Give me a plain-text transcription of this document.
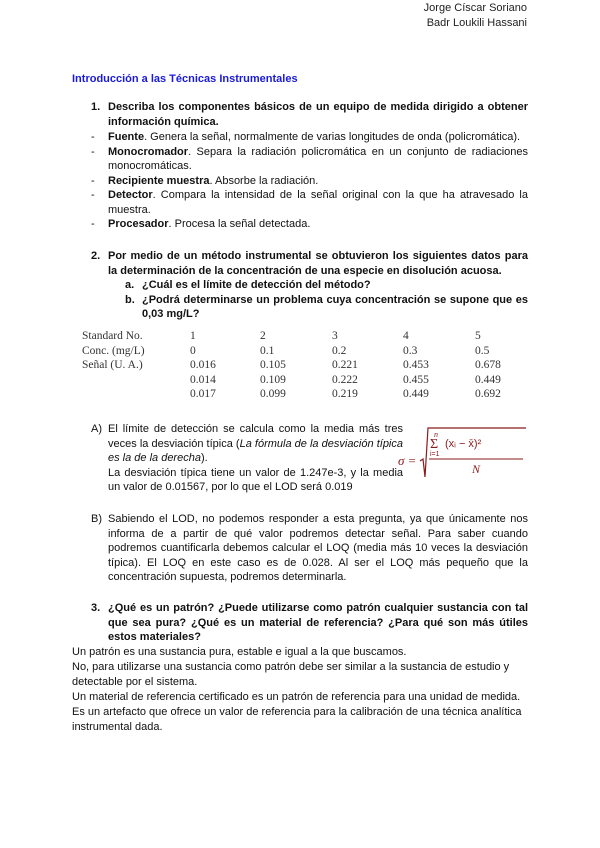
Jorge Císcar Soriano
Badr Loukili Hassani
Introducción a las Técnicas Instrumentales
1. Describa los componentes básicos de un equipo de medida dirigido a obtener información química.
- Fuente. Genera la señal, normalmente de varias longitudes de onda (policromática).
- Monocromador. Separa la radiación policromática en un conjunto de radiaciones monocromáticas.
- Recipiente muestra. Absorbe la radiación.
- Detector. Compara la intensidad de la señal original con la que ha atravesado la muestra.
- Procesador. Procesa la señal detectada.
2. Por medio de un método instrumental se obtuvieron los siguientes datos para la determinación de la concentración de una especie en disolución acuosa.
a. ¿Cuál es el límite de detección del método?
b. ¿Podrá determinarse un problema cuya concentración se supone que es 0,03 mg/L?
Standard No.	1	2	3	4	5
Conc. (mg/L)	0	0.1	0.2	0.3	0.5
Señal (U. A.)	0.016	0.105	0.221	0.453	0.678
	0.014	0.109	0.222	0.455	0.449
	0.017	0.099	0.219	0.449	0.692
A) El límite de detección se calcula como la media más tres veces la desviación típica (La fórmula de la desviación típica es la de la derecha).
La desviación típica tiene un valor de 1.247e-3, y la media un valor de 0.01567, por lo que el LOD será 0.019
σ =
n
Σ
i=1
(xᵢ − x̄)²
N
B) Sabiendo el LOD, no podemos responder a esta pregunta, ya que únicamente nos informa de a partir de qué valor podremos detectar señal. Para saber cuando podremos cuantificarla debemos calcular el LOQ (media más 10 veces la desviación típica). El LOQ en este caso es de 0.028. Al ser el LOQ más pequeño que la concentración supuesta, podremos determinarla.
3. ¿Qué es un patrón? ¿Puede utilizarse como patrón cualquier sustancia con tal que sea pura? ¿Qué es un material de referencia? ¿Para qué son más útiles estos materiales?
Un patrón es una sustancia pura, estable e igual a la que buscamos.
No, para utilizarse una sustancia como patrón debe ser similar a la sustancia de estudio y detectable por el sistema.
Un material de referencia certificado es un patrón de referencia para una unidad de medida. Es un artefacto que ofrece un valor de referencia para la calibración de una técnica analítica instrumental dada.
